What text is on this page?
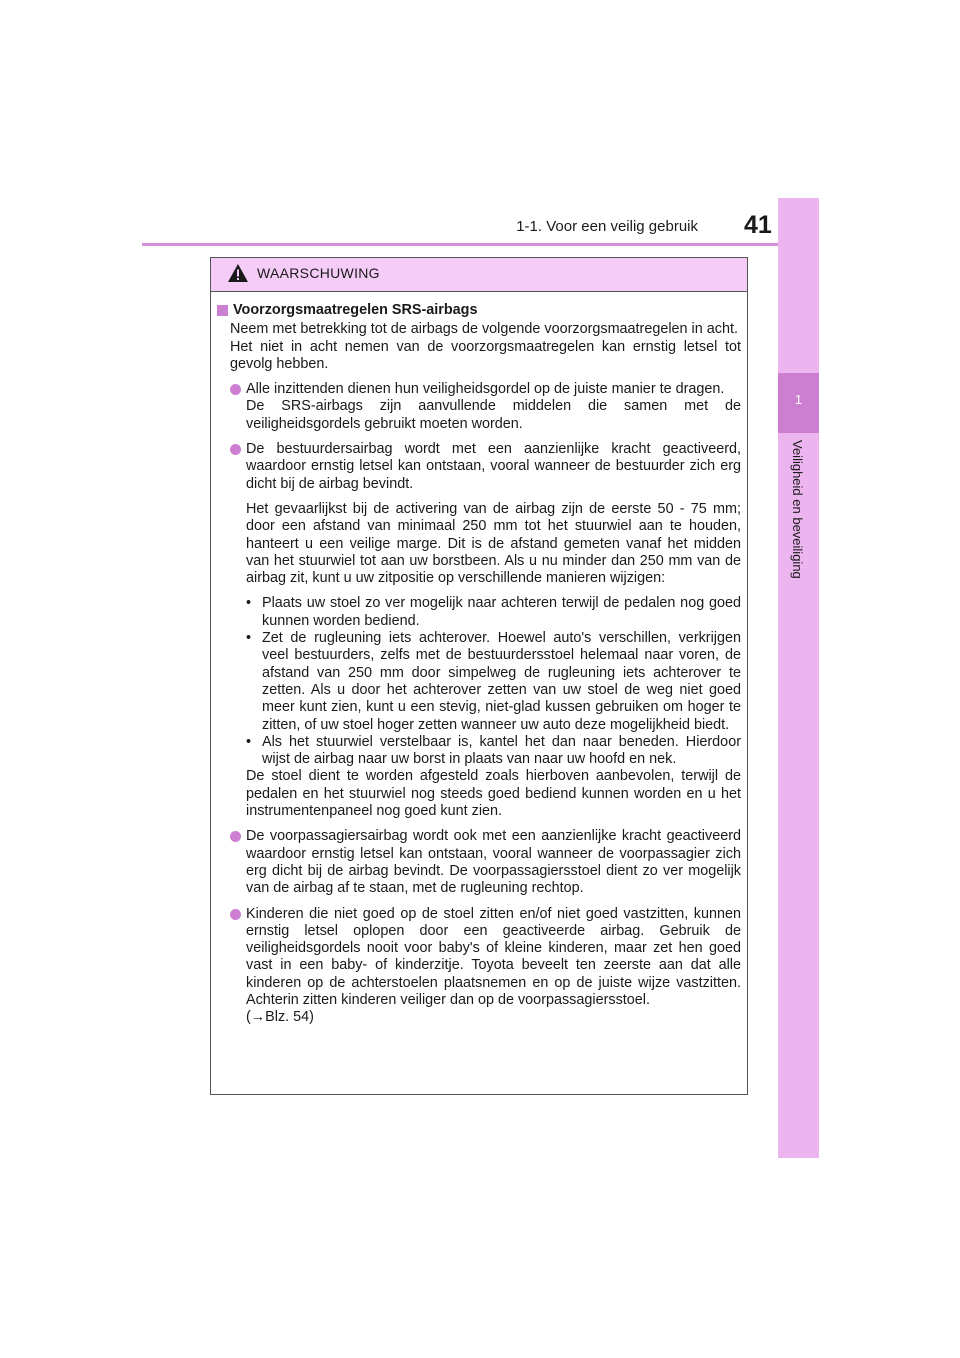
1-1. Voor een veilig gebruik 41
1
Veiligheid en beveiliging
WAARSCHUWING
Voorzorgsmaatregelen SRS-airbags
Neem met betrekking tot de airbags de volgende voorzorgsmaatregelen in acht.
Het niet in acht nemen van de voorzorgsmaatregelen kan ernstig letsel tot gevolg hebben.
Alle inzittenden dienen hun veiligheidsgordel op de juiste manier te dragen.
De SRS-airbags zijn aanvullende middelen die samen met de veiligheidsgordels gebruikt moeten worden.
De bestuurdersairbag wordt met een aanzienlijke kracht geactiveerd, waardoor ernstig letsel kan ontstaan, vooral wanneer de bestuurder zich erg dicht bij de airbag bevindt.
Het gevaarlijkst bij de activering van de airbag zijn de eerste 50 - 75 mm; door een afstand van minimaal 250 mm tot het stuurwiel aan te houden, hanteert u een veilige marge. Dit is de afstand gemeten vanaf het midden van het stuurwiel tot aan uw borstbeen. Als u nu minder dan 250 mm van de airbag zit, kunt u uw zitpositie op verschillende manieren wijzigen:
• Plaats uw stoel zo ver mogelijk naar achteren terwijl de pedalen nog goed kunnen worden bediend.
• Zet de rugleuning iets achterover. Hoewel auto's verschillen, verkrijgen veel bestuurders, zelfs met de bestuurdersstoel helemaal naar voren, de afstand van 250 mm door simpelweg de rugleuning iets achterover te zetten. Als u door het achterover zetten van uw stoel de weg niet goed meer kunt zien, kunt u een stevig, niet-glad kussen gebruiken om hoger te zitten, of uw stoel hoger zetten wanneer uw auto deze mogelijkheid biedt.
• Als het stuurwiel verstelbaar is, kantel het dan naar beneden. Hierdoor wijst de airbag naar uw borst in plaats van naar uw hoofd en nek.
De stoel dient te worden afgesteld zoals hierboven aanbevolen, terwijl de pedalen en het stuurwiel nog steeds goed bediend kunnen worden en u het instrumentenpaneel nog goed kunt zien.
De voorpassagiersairbag wordt ook met een aanzienlijke kracht geactiveerd waardoor ernstig letsel kan ontstaan, vooral wanneer de voorpassagier zich erg dicht bij de airbag bevindt. De voorpassagiersstoel dient zo ver mogelijk van de airbag af te staan, met de rugleuning rechtop.
Kinderen die niet goed op de stoel zitten en/of niet goed vastzitten, kunnen ernstig letsel oplopen door een geactiveerde airbag. Gebruik de veiligheidsgordels nooit voor baby's of kleine kinderen, maar zet hen goed vast in een baby- of kinderzitje. Toyota beveelt ten zeerste aan dat alle kinderen op de achterstoelen plaatsnemen en op de juiste wijze vastzitten. Achterin zitten kinderen veiliger dan op de voorpassagiersstoel.
(→Blz. 54)
